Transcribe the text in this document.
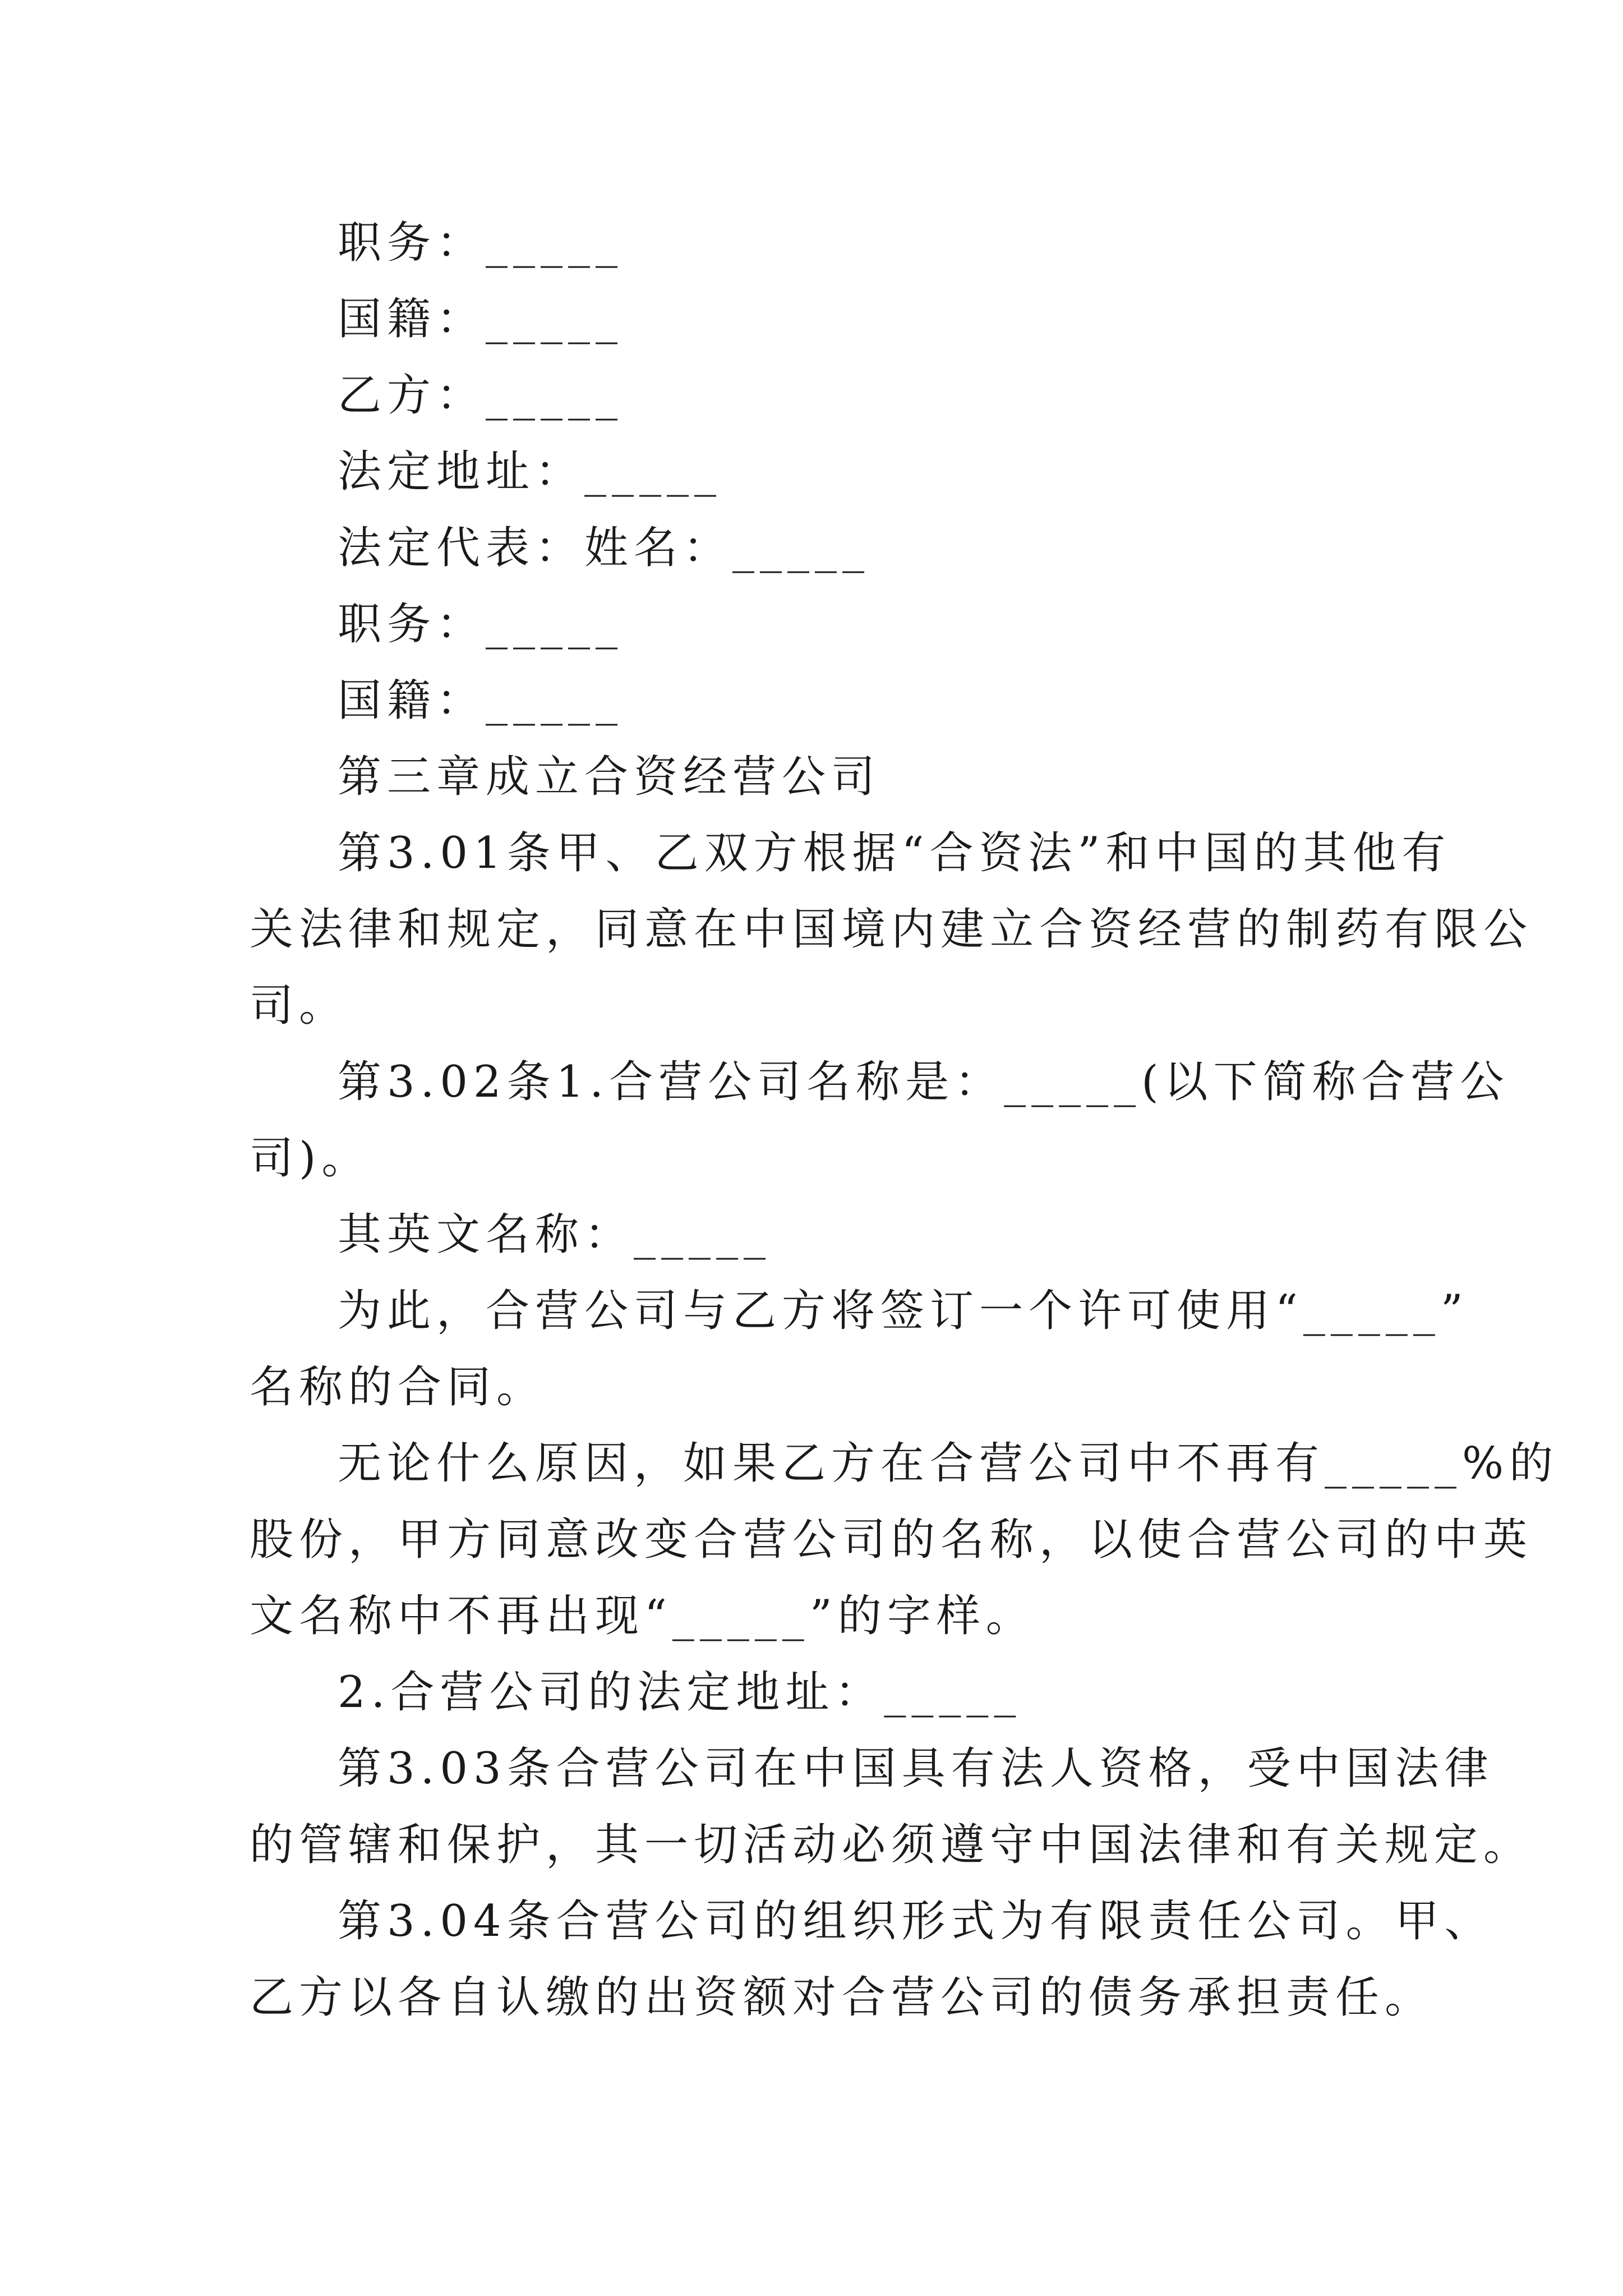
职务：_____

国籍：_____

乙方：_____

法定地址：_____

法定代表：姓名：_____

职务：_____

国籍：_____

第三章成立合资经营公司

第3.01条甲、乙双方根据“合资法”和中国的其他有

关法律和规定，同意在中国境内建立合资经营的制药有限公

司。

第3.02条1.合营公司名称是：_____(以下简称合营公

司)。

其英文名称：_____

为此，合营公司与乙方将签订一个许可使用“_____”

名称的合同。

无论什么原因，如果乙方在合营公司中不再有_____%的

股份，甲方同意改变合营公司的名称，以使合营公司的中英

文名称中不再出现“_____”的字样。

2.合营公司的法定地址：_____

第3.03条合营公司在中国具有法人资格，受中国法律

的管辖和保护，其一切活动必须遵守中国法律和有关规定。

第3.04条合营公司的组织形式为有限责任公司。甲、

乙方以各自认缴的出资额对合营公司的债务承担责任。
